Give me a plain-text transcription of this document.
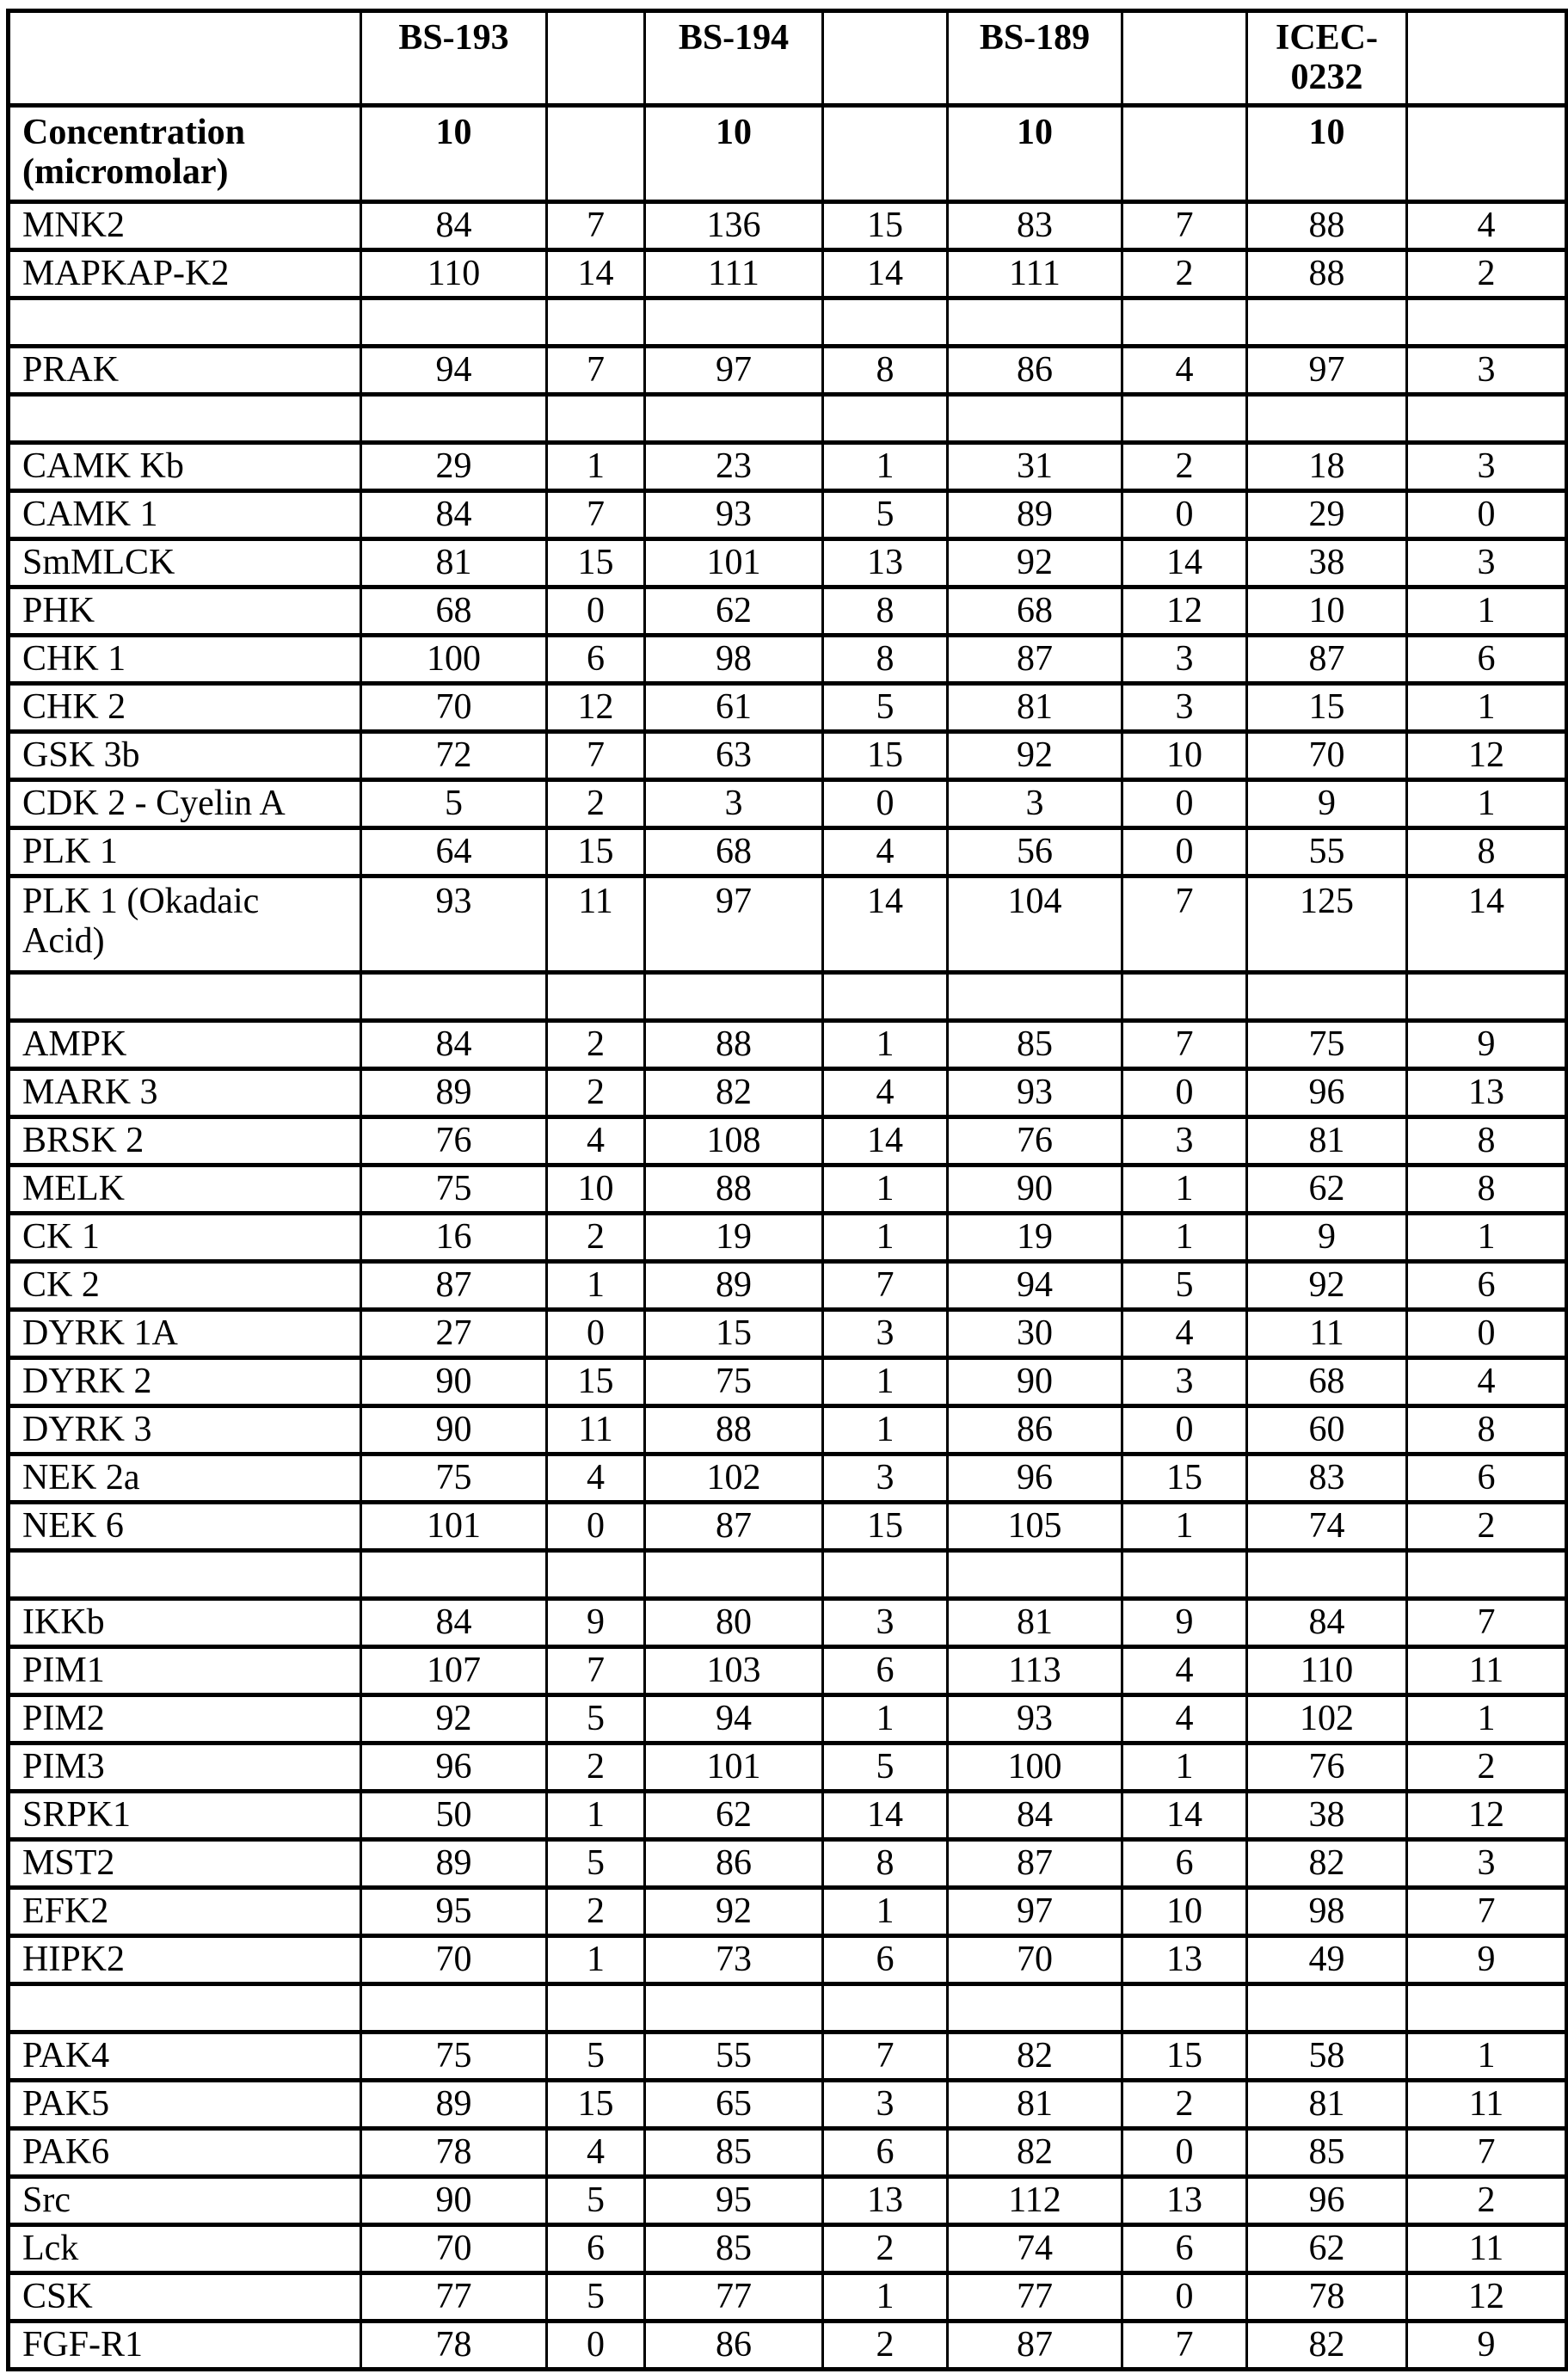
	BS-193		BS-194		BS-189		ICEC-
0232	
Concentration
(micromolar)	10		10		10		10	
MNK2	84	7	136	15	83	7	88	4
MAPKAP-K2	110	14	111	14	111	2	88	2

PRAK	94	7	97	8	86	4	97	3

CAMK Kb	29	1	23	1	31	2	18	3
CAMK 1	84	7	93	5	89	0	29	0
SmMLCK	81	15	101	13	92	14	38	3
PHK	68	0	62	8	68	12	10	1
CHK 1	100	6	98	8	87	3	87	6
CHK 2	70	12	61	5	81	3	15	1
GSK 3b	72	7	63	15	92	10	70	12
CDK 2 - Cyelin A	5	2	3	0	3	0	9	1
PLK 1	64	15	68	4	56	0	55	8
PLK 1 (Okadaic
Acid)	93	11	97	14	104	7	125	14

AMPK	84	2	88	1	85	7	75	9
MARK 3	89	2	82	4	93	0	96	13
BRSK 2	76	4	108	14	76	3	81	8
MELK	75	10	88	1	90	1	62	8
CK 1	16	2	19	1	19	1	9	1
CK 2	87	1	89	7	94	5	92	6
DYRK 1A	27	0	15	3	30	4	11	0
DYRK 2	90	15	75	1	90	3	68	4
DYRK 3	90	11	88	1	86	0	60	8
NEK 2a	75	4	102	3	96	15	83	6
NEK 6	101	0	87	15	105	1	74	2

IKKb	84	9	80	3	81	9	84	7
PIM1	107	7	103	6	113	4	110	11
PIM2	92	5	94	1	93	4	102	1
PIM3	96	2	101	5	100	1	76	2
SRPK1	50	1	62	14	84	14	38	12
MST2	89	5	86	8	87	6	82	3
EFK2	95	2	92	1	97	10	98	7
HIPK2	70	1	73	6	70	13	49	9

PAK4	75	5	55	7	82	15	58	1
PAK5	89	15	65	3	81	2	81	11
PAK6	78	4	85	6	82	0	85	7
Src	90	5	95	13	112	13	96	2
Lck	70	6	85	2	74	6	62	11
CSK	77	5	77	1	77	0	78	12
FGF-R1	78	0	86	2	87	7	82	9
